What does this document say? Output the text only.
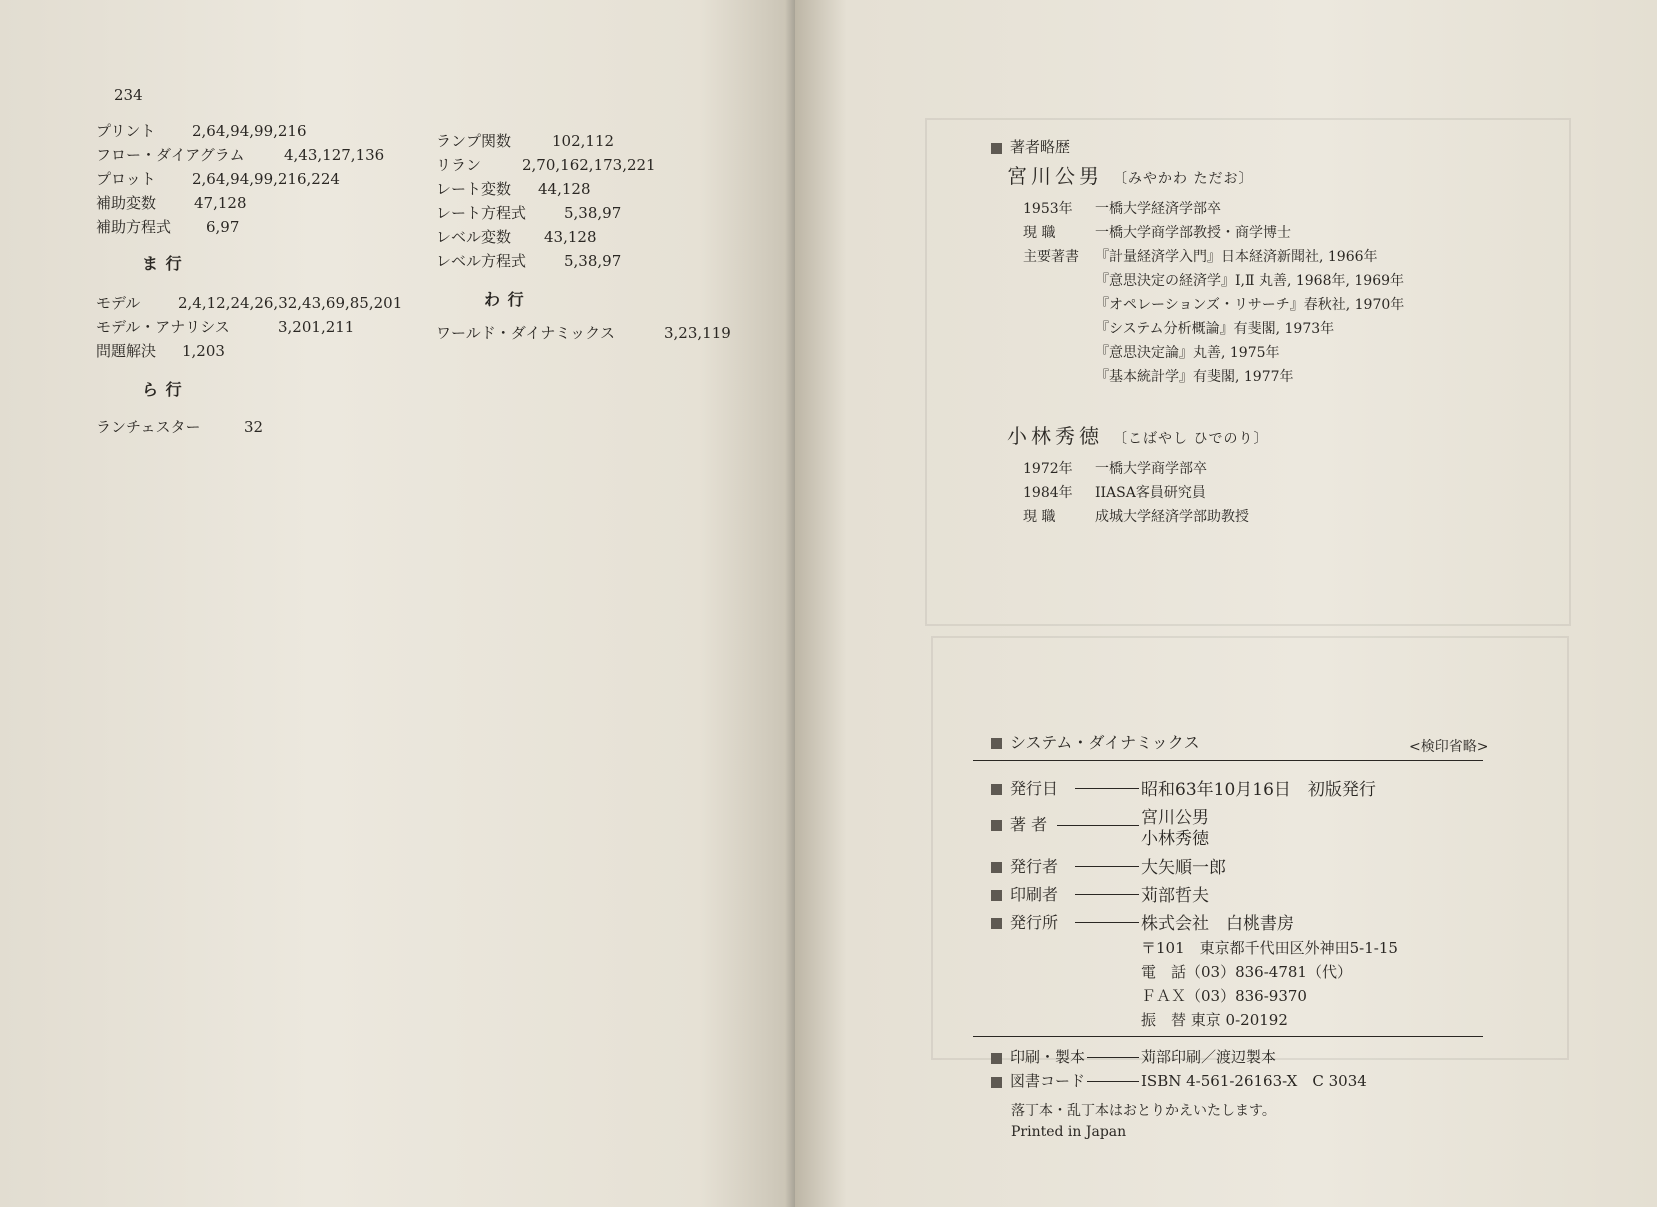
234
プリント 2,64,94,99,216
フロー・ダイアグラム	4,43,127,136
プロット 2,64,94,99,216,224
補助変数	47,128
補助方程式 6,97
ま 行
モデル	2,4,12,24,26,32,43,69,85,201
モデル・アナリシス	3,201,211
問題解決 1,203
ら 行
ランチェスター	32
ランプ関数	102,112
リラン	2,70,162,173,221
レート変数 44,128
レート方程式	5,38,97
レベル変数 43,128
レベル方程式	5,38,97
わ 行
ワールド・ダイナミックス	3,23,119
著者略歴
宮川公男 〔みやかわ ただお〕
1953年 一橋大学経済学部卒
現 職	一橋大学商学部教授・商学博士
主要著書 『計量経済学入門』日本経済新聞社, 1966年
『意思決定の経済学』Ⅰ,Ⅱ 丸善, 1968年, 1969年
『オペレーションズ・リサーチ』春秋社, 1970年
『システム分析概論』有斐閣, 1973年
『意思決定論』丸善, 1975年
『基本統計学』有斐閣, 1977年
小林秀徳 〔こばやし ひでのり〕
1972年 一橋大学商学部卒
1984年 IIASA客員研究員
現 職	成城大学経済学部助教授
システム・ダイナミックス	<検印省略>
発行日	昭和63年10月16日　初版発行
著 者	宮川公男
小林秀徳
発行者	大矢順一郎
印刷者	苅部哲夫
発行所	株式会社　白桃書房
〒101　東京都千代田区外神田5-1-15
電　話（03）836-4781（代）
ＦＡＸ（03）836-9370
振　替 東京 0-20192
印刷・製本	苅部印刷／渡辺製本
図書コード	ISBN 4-561-26163-X　C 3034
落丁本・乱丁本はおとりかえいたします。
Printed in Japan
